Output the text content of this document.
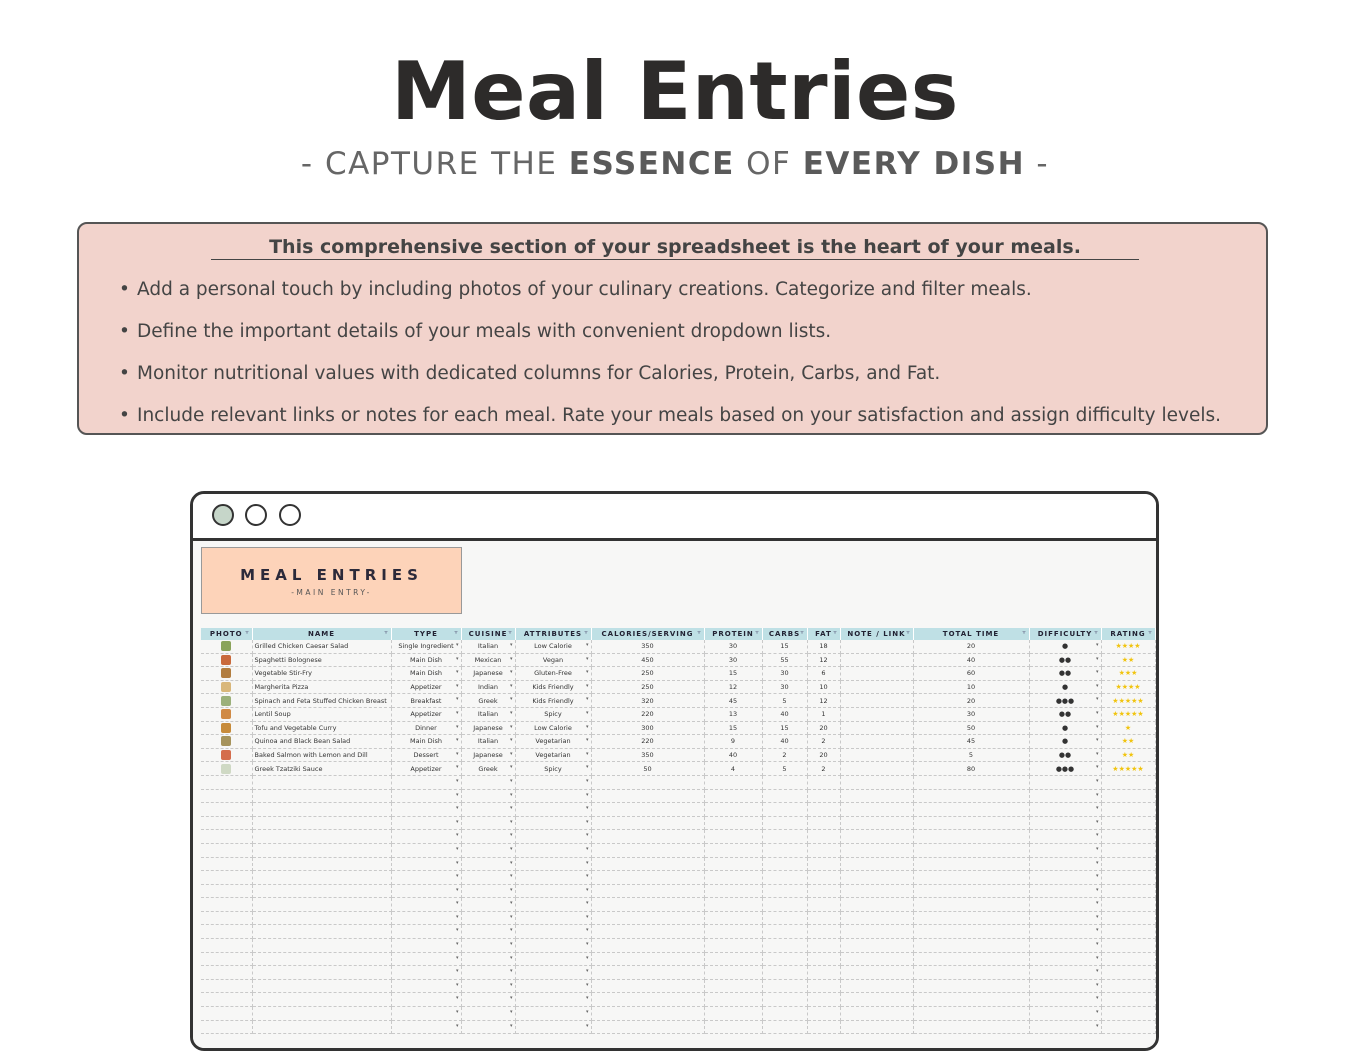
Meal Entries
- CAPTURE THE ESSENCE OF EVERY DISH -
This comprehensive section of your spreadsheet is the heart of your meals.
• Add a personal touch by including photos of your culinary creations. Categorize and filter meals.
• Define the important details of your meals with convenient dropdown lists.
• Monitor nutritional values with dedicated columns for Calories, Protein, Carbs, and Fat.
• Include relevant links or notes for each meal. Rate your meals based on your satisfaction and assign difficulty levels.
MEAL ENTRIES
-MAIN ENTRY-
PHOTO ▿	NAME ▿	TYPE ▿	CUISINE ▿	ATTRIBUTES ▿	CALORIES/SERVING ▿	PROTEIN ▿	CARBS ▿	FAT ▿	NOTE / LINK ▿	TOTAL TIME ▿	DIFFICULTY ▿	RATING ▿

	Grilled Chicken Caesar Salad	Single Ingredient ▾	Italian ▾	Low Calorie ▾	350	30	15	18		20	● ▾	★★★★
	Spaghetti Bolognese	Main Dish ▾	Mexican ▾	Vegan ▾	450	30	55	12		40	●● ▾	★★
	Vegetable Stir-Fry	Main Dish ▾	Japanese ▾	Gluten-Free ▾	250	15	30	6		60	●● ▾	★★★
	Margherita Pizza	Appetizer ▾	Indian ▾	Kids Friendly ▾	250	12	30	10		10	● ▾	★★★★
	Spinach and Feta Stuffed Chicken Breast	Breakfast ▾	Greek ▾	Kids Friendly ▾	320	45	5	12		20	●●● ▾	★★★★★
	Lentil Soup	Appetizer ▾	Italian ▾	Spicy ▾	220	13	40	1		30	●● ▾	★★★★★
	Tofu and Vegetable Curry	Dinner ▾	Japanese ▾	Low Calorie ▾	300	15	15	20		50	● ▾	★
	Quinoa and Black Bean Salad	Main Dish ▾	Italian ▾	Vegetarian ▾	220	9	40	2		45	● ▾	★★
	Baked Salmon with Lemon and Dill	Dessert ▾	Japanese ▾	Vegetarian ▾	350	40	2	20		5	●● ▾	★★
	Greek Tzatziki Sauce	Appetizer ▾	Greek ▾	Spicy ▾	50	4	5	2		80	●●● ▾	★★★★★

		▾	▾	▾							▾	

		▾	▾	▾							▾	

		▾	▾	▾							▾	

		▾	▾	▾							▾	

		▾	▾	▾							▾	

		▾	▾	▾							▾	

		▾	▾	▾							▾	

		▾	▾	▾							▾	

		▾	▾	▾							▾	

		▾	▾	▾							▾	

		▾	▾	▾							▾	

		▾	▾	▾							▾	

		▾	▾	▾							▾	

		▾	▾	▾							▾	

		▾	▾	▾							▾	

		▾	▾	▾							▾	

		▾	▾	▾							▾	

		▾	▾	▾							▾	

		▾	▾	▾							▾	
